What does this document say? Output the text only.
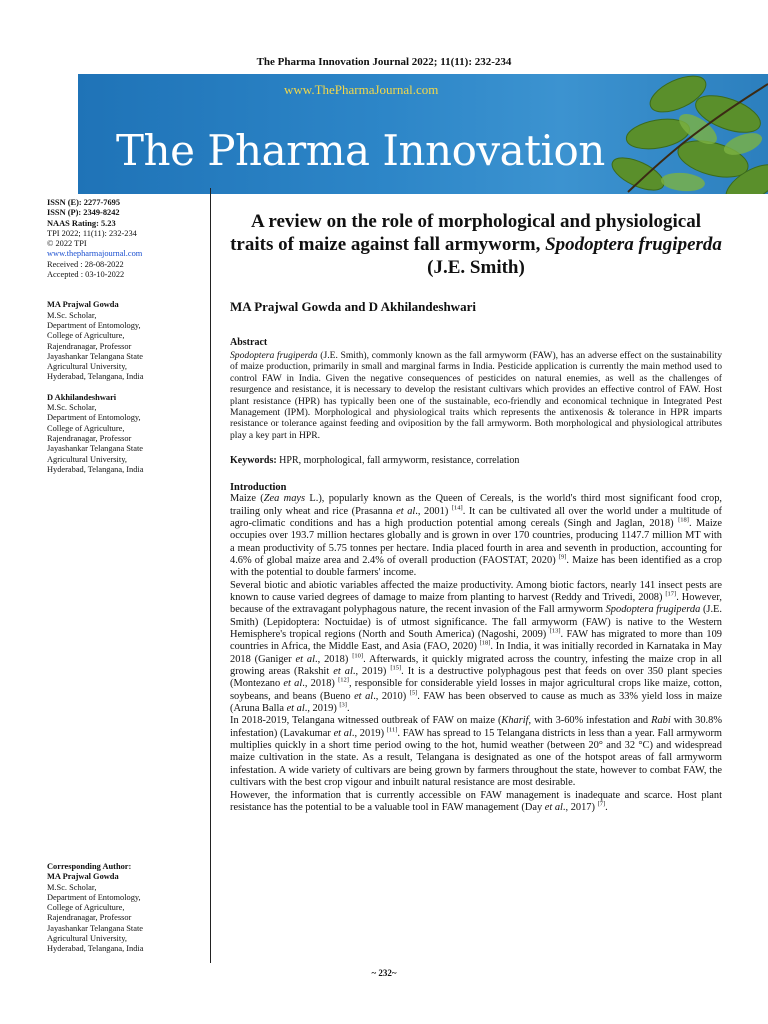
The Pharma Innovation Journal 2022; 11(11): 232-234
www.ThePharmaJournal.com
The Pharma Innovation
ISSN (E): 2277-7695
ISSN (P): 2349-8242
NAAS Rating: 5.23
TPI 2022; 11(11): 232-234
© 2022 TPI
www.thepharmajournal.com
Received : 28-08-2022
Accepted : 03-10-2022
MA Prajwal Gowda
M.Sc. Scholar,
Department of Entomology,
College of Agriculture,
Rajendranagar, Professor
Jayashankar Telangana State
Agricultural University,
Hyderabad, Telangana, India
D Akhilandeshwari
M.Sc. Scholar,
Department of Entomology,
College of Agriculture,
Rajendranagar, Professor
Jayashankar Telangana State
Agricultural University,
Hyderabad, Telangana, India
Corresponding Author:
MA Prajwal Gowda
M.Sc. Scholar,
Department of Entomology,
College of Agriculture,
Rajendranagar, Professor
Jayashankar Telangana State
Agricultural University,
Hyderabad, Telangana, India
A review on the role of morphological and physiological traits of maize against fall armyworm, Spodoptera frugiperda (J.E. Smith)
MA Prajwal Gowda and D Akhilandeshwari
Abstract
Spodoptera frugiperda (J.E. Smith), commonly known as the fall armyworm (FAW), has an adverse effect on the sustainability of maize production, primarily in small and marginal farms in India. Pesticide application is currently the main method used to control FAW in India. Given the negative consequences of pesticides on natural enemies, as well as the challenges of resurgence and resistance, it is necessary to develop the resistant cultivars which provides an effective control of FAW. Host plant resistance (HPR) has typically been one of the sustainable, eco-friendly and economical technique in Integrated Pest Management (IPM). Morphological and physiological traits which represents the antixenosis & tolerance in HPR imparts resistance or tolerance against feeding and oviposition by the fall armyworm. Both morphological and physiological attributes play a key part in HPR.
Keywords: HPR, morphological, fall armyworm, resistance, correlation
Introduction

Maize (Zea mays L.), popularly known as the Queen of Cereals, is the world's third most significant food crop, trailing only wheat and rice (Prasanna et al., 2001) [14]. It can be cultivated all over the world under a multitude of agro-climatic conditions and has a high production potential among cereals (Singh and Jaglan, 2018) [18]. Maize occupies over 193.7 million hectares globally and is grown in over 170 countries, producing 1147.7 million MT with a mean productivity of 5.75 tonnes per hectare. India placed fourth in area and seventh in production, accounting for 4.6% of global maize area and 2.4% of overall production (FAOSTAT, 2020) [9]. Maize has been identified as a crop with the potential to double farmers' income.

Several biotic and abiotic variables affected the maize productivity. Among biotic factors, nearly 141 insect pests are known to cause varied degrees of damage to maize from planting to harvest (Reddy and Trivedi, 2008) [17]. However, because of the extravagant polyphagous nature, the recent invasion of the Fall armyworm Spodoptera frugiperda (J.E. Smith) (Lepidoptera: Noctuidae) is of utmost significance. The fall armyworm (FAW) is native to the Western Hemisphere's tropical regions (North and South America) (Nagoshi, 2009) [13]. FAW has migrated to more than 109 countries in Africa, the Middle East, and Asia (FAO, 2020) [18]. In India, it was initially recorded in Karnataka in May 2018 (Ganiger et al., 2018) [10]. Afterwards, it quickly migrated across the country, infesting the maize crop in all growing areas (Rakshit et al., 2019) [15]. It is a destructive polyphagous pest that feeds on over 350 plant species (Montezano et al., 2018) [12], responsible for considerable yield losses in major agricultural crops like maize, cotton, soybeans, and beans (Bueno et al., 2010) [5]. FAW has been observed to cause as much as 33% yield loss in maize (Aruna Balla et al., 2019) [3].

In 2018-2019, Telangana witnessed outbreak of FAW on maize (Kharif, with 3-60% infestation and Rabi with 30.8% infestation) (Lavakumar et al., 2019) [11]. FAW has spread to 15 Telangana districts in less than a year. Fall armyworm multiplies quickly in a short time period owing to the hot, humid weather (between 20° and 32 °C) and widespread maize cultivation in the state. As a result, Telangana is designated as one of the hotspot areas of fall armyworm infestation. A wide variety of cultivars are being grown by farmers throughout the state, however to combat FAW, the cultivars with the best crop vigour and inbuilt natural resistance are most desirable.

However, the information that is currently accessible on FAW management is inadequate and scarce. Host plant resistance has the potential to be a valuable tool in FAW management (Day et al., 2017) [7].

~ 232~
